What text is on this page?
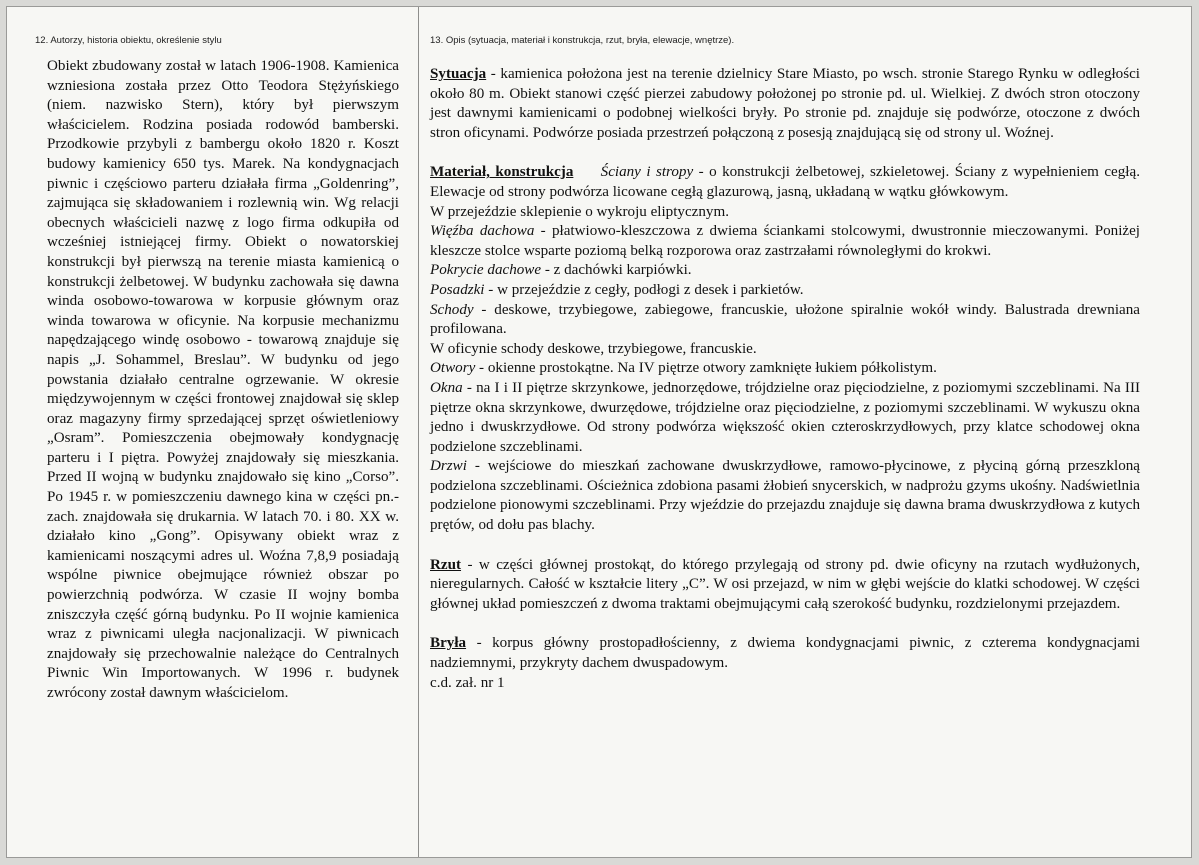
12. Autorzy, historia obiektu, określenie stylu	13. Opis (sytuacja, materiał i konstrukcja, rzut, bryła, elewacje, wnętrze).

Obiekt zbudowany został w latach 1906-1908. Kamienica wzniesiona została przez Otto Teodora Stężyńskiego (niem. nazwisko Stern), który był pierwszym właścicielem. Rodzina posiada rodowód bamberski. Przodkowie przybyli z bambergu około 1820 r. Koszt budowy kamienicy 650 tys. Marek. Na kondygnacjach piwnic i częściowo parteru działała firma „Goldenring”, zajmująca się składowaniem i rozlewnią win. Wg relacji obecnych właścicieli nazwę z logo firma odkupiła od wcześniej istniejącej firmy. Obiekt o nowatorskiej konstrukcji był pierwszą na terenie miasta kamienicą o konstrukcji żelbetowej. W budynku zachowała się dawna winda osobowo-towarowa w korpusie głównym oraz winda towarowa w oficynie. Na korpusie mechanizmu napędzającego windę osobowo - towarową znajduje się napis „J. Sohammel, Breslau”. W budynku od jego powstania działało centralne ogrzewanie. W okresie międzywojennym w części frontowej znajdował się sklep oraz magazyny firmy sprzedającej sprzęt oświetleniowy „Osram”. Pomieszczenia obejmowały kondygnację parteru i I piętra. Powyżej znajdowały się mieszkania. Przed II wojną w budynku znajdowało się kino „Corso”. Po 1945 r. w pomieszczeniu dawnego kina w części pn.-zach. znajdowała się drukarnia. W latach 70. i 80. XX w. działało kino „Gong”. Opisywany obiekt wraz z kamienicami noszącymi adres ul. Woźna 7,8,9 posiadają wspólne piwnice obejmujące również obszar po powierzchnią podwórza. W czasie II wojny bomba zniszczyła część górną budynku. Po II wojnie kamienica wraz z piwnicami uległa nacjonalizacji. W piwnicach znajdowały się przechowalnie należące do Centralnych Piwnic Win Importowanych. W 1996 r. budynek zwrócony został dawnym właścicielom.

Sytuacja - kamienica położona jest na terenie dzielnicy Stare Miasto, po wsch. stronie Starego Rynku w odległości około 80 m. Obiekt stanowi część pierzei zabudowy położonej po stronie pd. ul. Wielkiej. Z dwóch stron otoczony jest dawnymi kamienicami o podobnej wielkości bryły. Po stronie pd. znajduje się podwórze, otoczone z dwóch stron oficynami. Podwórze posiada przestrzeń połączoną z posesją znajdującą się od strony ul. Woźnej.

Materiał, konstrukcja Ściany i stropy - o konstrukcji żelbetowej, szkieletowej. Ściany z wypełnieniem cegłą. Elewacje od strony podwórza licowane cegłą glazurową, jasną, układaną w wątku główkowym.

W przejeździe sklepienie o wykroju eliptycznym.

Więźba dachowa - płatwiowo-kleszczowa z dwiema ściankami stolcowymi, dwustronnie mieczowanymi. Poniżej kleszcze stolce wsparte poziomą belką rozporowa oraz zastrzałami równoległymi do krokwi.

Pokrycie dachowe - z dachówki karpiówki.

Posadzki - w przejeździe z cegły, podłogi z desek i parkietów.

Schody - deskowe, trzybiegowe, zabiegowe, francuskie, ułożone spiralnie wokół windy. Balustrada drewniana profilowana.

W oficynie schody deskowe, trzybiegowe, francuskie.

Otwory - okienne prostokątne. Na IV piętrze otwory zamknięte łukiem półkolistym.

Okna - na I i II piętrze skrzynkowe, jednorzędowe, trójdzielne oraz pięciodzielne, z poziomymi szczeblinami. Na III piętrze okna skrzynkowe, dwurzędowe, trójdzielne oraz pięciodzielne, z poziomymi szczeblinami. W wykuszu okna jedno i dwuskrzydłowe. Od strony podwórza większość okien czteroskrzydłowych, przy klatce schodowej okna podzielone szczeblinami.

Drzwi - wejściowe do mieszkań zachowane dwuskrzydłowe, ramowo-płycinowe, z płyciną górną przeszkloną podzielona szczeblinami. Ościeżnica zdobiona pasami żłobień snycerskich, w nadprożu gzyms ukośny. Nadświetlnia podzielone pionowymi szczeblinami. Przy wjeździe do przejazdu znajduje się dawna brama dwuskrzydłowa z kutych prętów, od dołu pas blachy.

Rzut - w części głównej prostokąt, do którego przylegają od strony pd. dwie oficyny na rzutach wydłużonych, nieregularnych. Całość w kształcie litery „C”. W osi przejazd, w nim w głębi wejście do klatki schodowej. W części głównej układ pomieszczeń z dwoma traktami obejmującymi całą szerokość budynku, rozdzielonymi przejazdem.

Bryła - korpus główny prostopadłościenny, z dwiema kondygnacjami piwnic, z czterema kondygnacjami nadziemnymi, przykryty dachem dwuspadowym.

c.d. zał. nr 1
